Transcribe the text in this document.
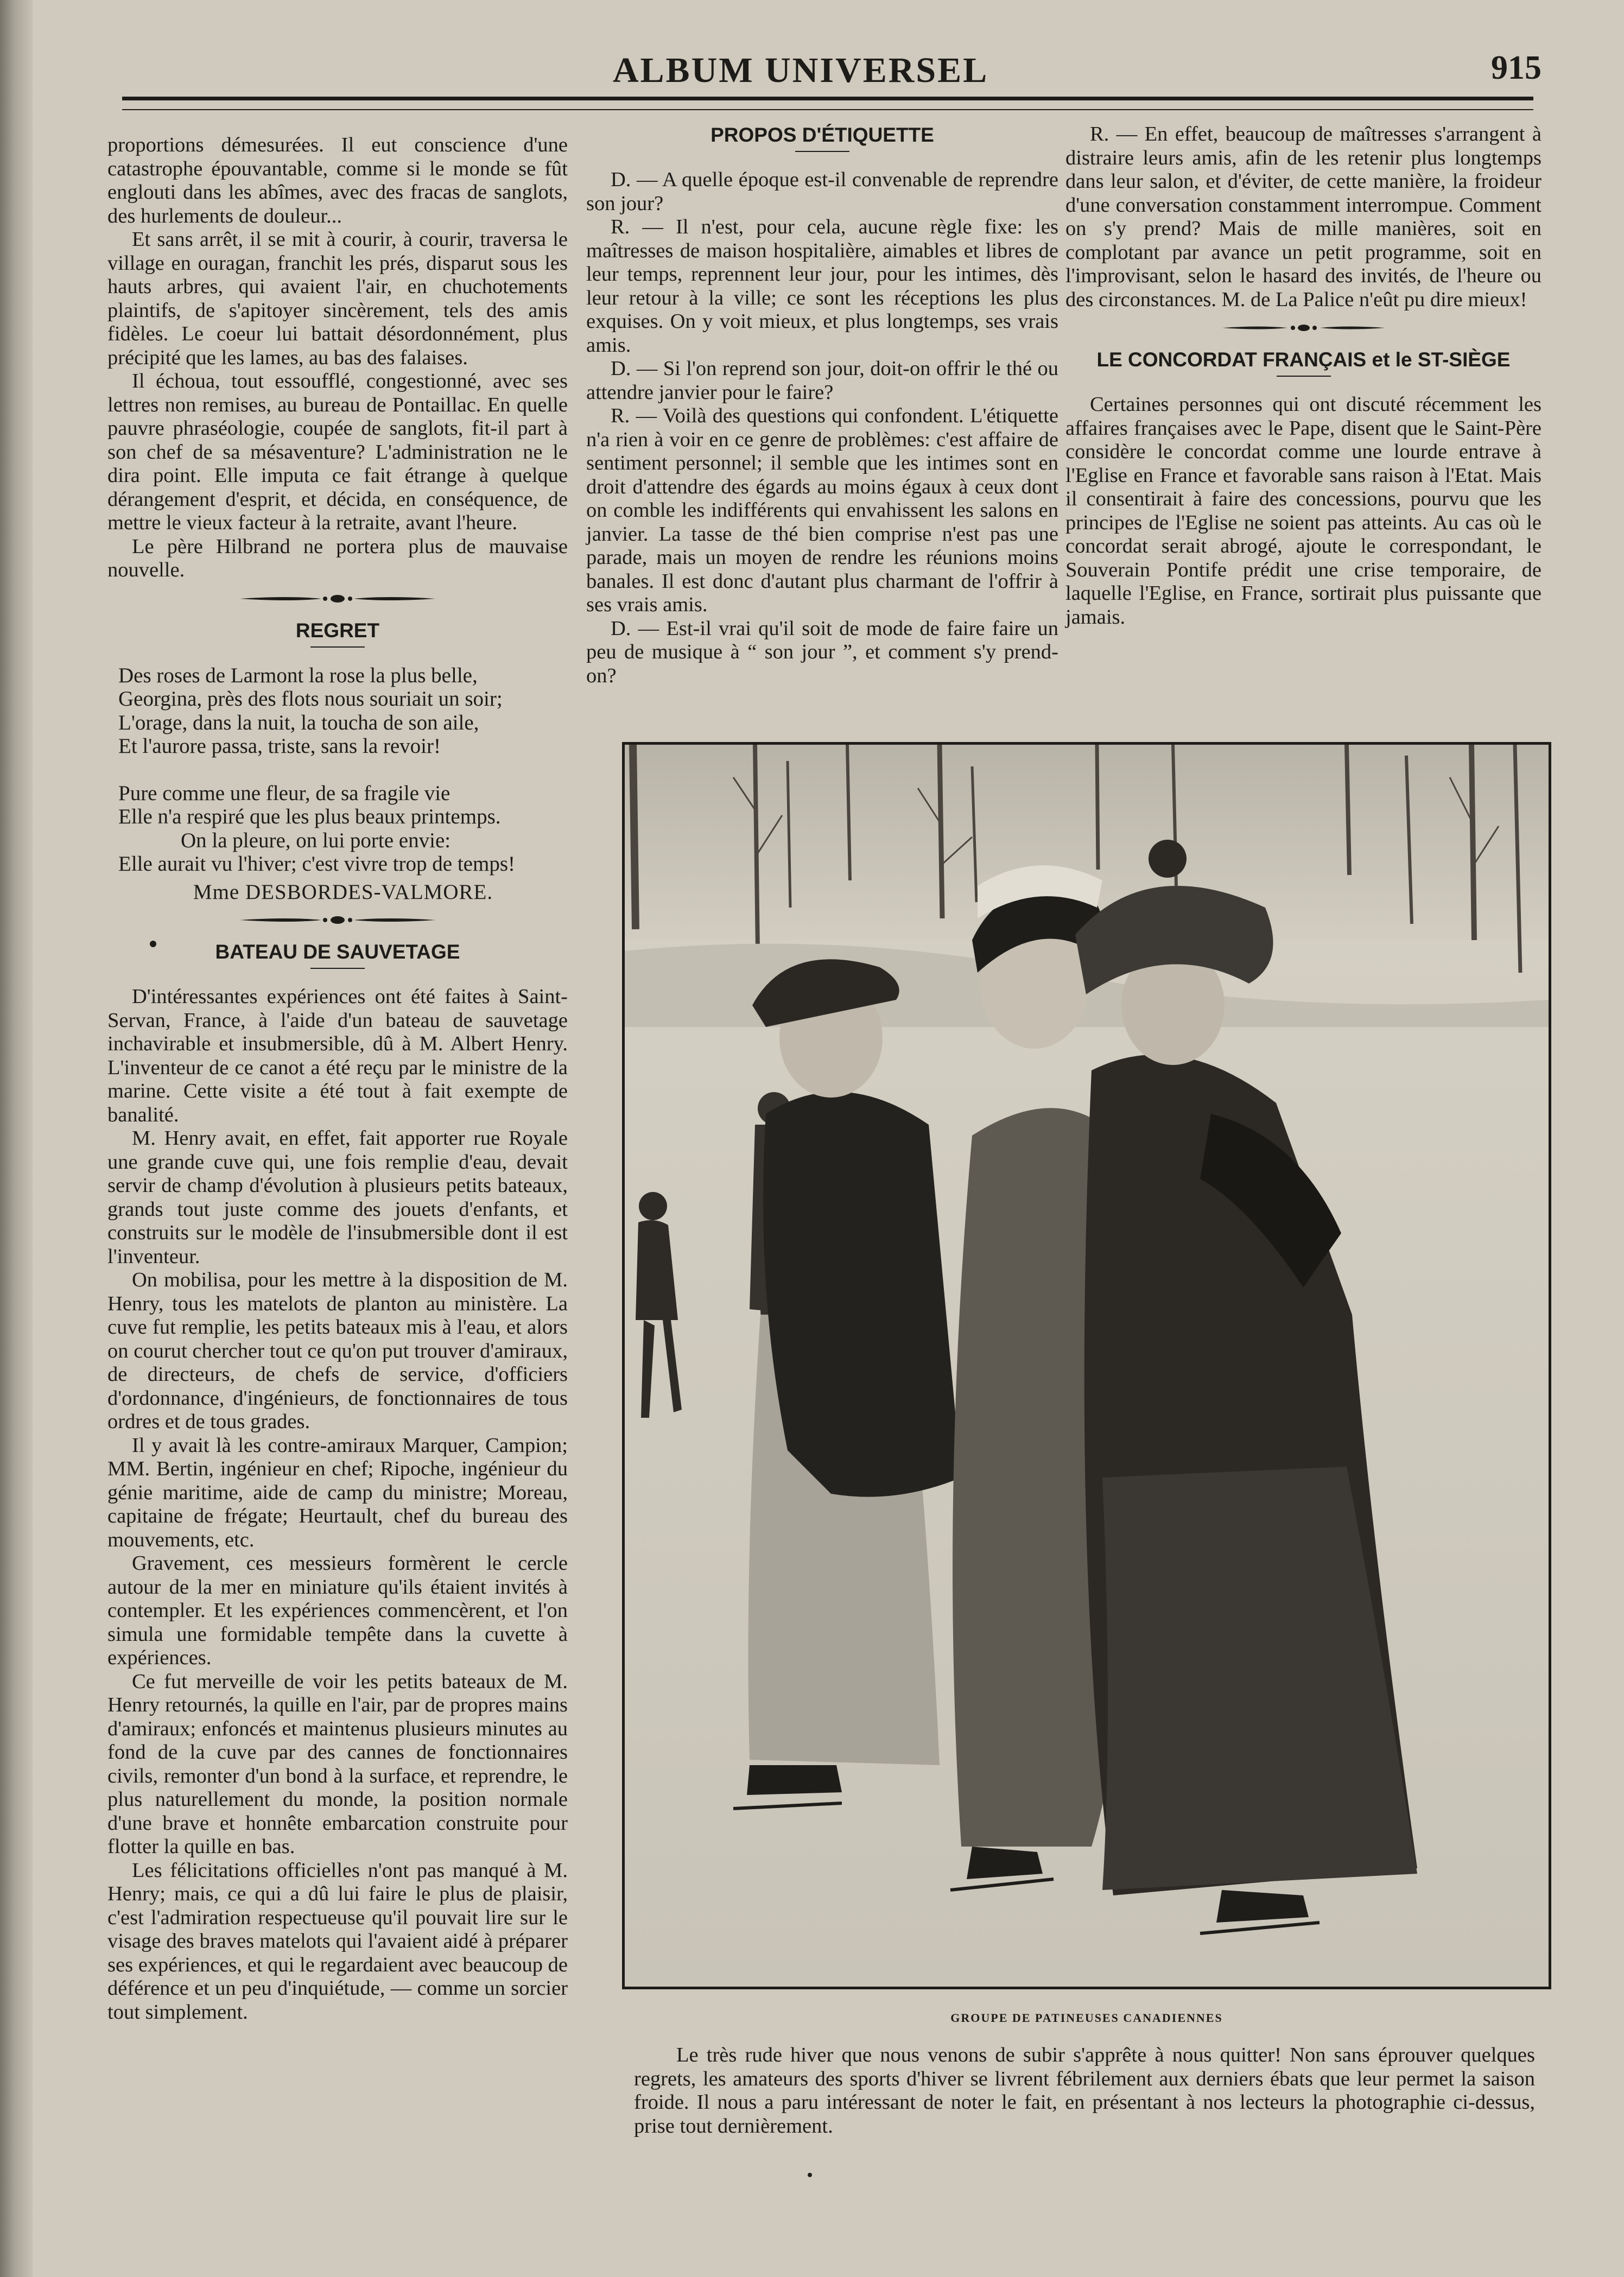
ALBUM UNIVERSEL	915

proportions démesurées. Il eut conscience d'une catastrophe épouvantable, comme si le monde se fût englouti dans les abîmes, avec des fracas de sanglots, des hurlements de douleur...

Et sans arrêt, il se mit à courir, à courir, traversa le village en ouragan, franchit les prés, disparut sous les hauts arbres, qui avaient l'air, en chuchotements plaintifs, de s'apitoyer sincèrement, tels des amis fidèles. Le coeur lui battait désordonnément, plus précipité que les lames, au bas des falaises.

Il échoua, tout essoufflé, congestionné, avec ses lettres non remises, au bureau de Pontaillac. En quelle pauvre phraséologie, coupée de sanglots, fit-il part à son chef de sa mésaventure? L'administration ne le dira point. Elle imputa ce fait étrange à quelque dérangement d'esprit, et décida, en conséquence, de mettre le vieux facteur à la retraite, avant l'heure.

Le père Hilbrand ne portera plus de mauvaise nouvelle.

REGRET
Des roses de Larmont la rose la plus belle,
Georgina, près des flots nous souriait un soir;
L'orage, dans la nuit, la toucha de son aile,
Et l'aurore passa, triste, sans la revoir!
Pure comme une fleur, de sa fragile vie
Elle n'a respiré que les plus beaux printemps.
On la pleure, on lui porte envie:
Elle aurait vu l'hiver; c'est vivre trop de temps!
Mme DESBORDES-VALMORE.
BATEAU DE SAUVETAGE

D'intéressantes expériences ont été faites à Saint-Servan, France, à l'aide d'un bateau de sauvetage inchavirable et insubmersible, dû à M. Albert Henry. L'inventeur de ce canot a été reçu par le ministre de la marine. Cette visite a été tout à fait exempte de banalité.

M. Henry avait, en effet, fait apporter rue Royale une grande cuve qui, une fois remplie d'eau, devait servir de champ d'évolution à plusieurs petits bateaux, grands tout juste comme des jouets d'enfants, et construits sur le modèle de l'insubmersible dont il est l'inventeur.

On mobilisa, pour les mettre à la disposition de M. Henry, tous les matelots de planton au ministère. La cuve fut remplie, les petits bateaux mis à l'eau, et alors on courut chercher tout ce qu'on put trouver d'amiraux, de directeurs, de chefs de service, d'officiers d'ordonnance, d'ingénieurs, de fonctionnaires de tous ordres et de tous grades.

Il y avait là les contre-amiraux Marquer, Campion; MM. Bertin, ingénieur en chef; Ripoche, ingénieur du génie maritime, aide de camp du ministre; Moreau, capitaine de frégate; Heurtault, chef du bureau des mouvements, etc.

Gravement, ces messieurs formèrent le cercle autour de la mer en miniature qu'ils étaient invités à contempler. Et les expériences commencèrent, et l'on simula une formidable tempête dans la cuvette à expériences.

Ce fut merveille de voir les petits bateaux de M. Henry retournés, la quille en l'air, par de propres mains d'amiraux; enfoncés et maintenus plusieurs minutes au fond de la cuve par des cannes de fonctionnaires civils, remonter d'un bond à la surface, et reprendre, le plus naturellement du monde, la position normale d'une brave et honnête embarcation construite pour flotter la quille en bas.

Les félicitations officielles n'ont pas manqué à M. Henry; mais, ce qui a dû lui faire le plus de plaisir, c'est l'admiration respectueuse qu'il pouvait lire sur le visage des braves matelots qui l'avaient aidé à préparer ses expériences, et qui le regardaient avec beaucoup de déférence et un peu d'inquiétude, — comme un sorcier tout simplement.

PROPOS D'ÉTIQUETTE

D. — A quelle époque est-il convenable de reprendre son jour?

R. — Il n'est, pour cela, aucune règle fixe: les maîtresses de maison hospitalière, aimables et libres de leur temps, reprennent leur jour, pour les intimes, dès leur retour à la ville; ce sont les réceptions les plus exquises. On y voit mieux, et plus longtemps, ses vrais amis.

D. — Si l'on reprend son jour, doit-on offrir le thé ou attendre janvier pour le faire?

R. — Voilà des questions qui confondent. L'étiquette n'a rien à voir en ce genre de problèmes: c'est affaire de sentiment personnel; il semble que les intimes sont en droit d'attendre des égards au moins égaux à ceux dont on comble les indifférents qui envahissent les salons en janvier. La tasse de thé bien comprise n'est pas une parade, mais un moyen de rendre les réunions moins banales. Il est donc d'autant plus charmant de l'offrir à ses vrais amis.

D. — Est-il vrai qu'il soit de mode de faire faire un peu de musique à “ son jour ”, et comment s'y prend-on?

R. — En effet, beaucoup de maîtresses s'arrangent à distraire leurs amis, afin de les retenir plus longtemps dans leur salon, et d'éviter, de cette manière, la froideur d'une conversation constamment interrompue. Comment on s'y prend? Mais de mille manières, soit en complotant par avance un petit programme, soit en l'improvisant, selon le hasard des invités, de l'heure ou des circonstances. M. de La Palice n'eût pu dire mieux!

LE CONCORDAT FRANÇAIS et le ST-SIÈGE

Certaines personnes qui ont discuté récemment les affaires françaises avec le Pape, disent que le Saint-Père considère le concordat comme une lourde entrave à l'Eglise en France et favorable sans raison à l'Etat. Mais il consentirait à faire des concessions, pourvu que les principes de l'Eglise ne soient pas atteints. Au cas où le concordat serait abrogé, ajoute le correspondant, le Souverain Pontife prédit une crise temporaire, de laquelle l'Eglise, en France, sortirait plus puissante que jamais.

GROUPE DE PATINEUSES CANADIENNES

Le très rude hiver que nous venons de subir s'apprête à nous quitter! Non sans éprouver quelques regrets, les amateurs des sports d'hiver se livrent fébrilement aux derniers ébats que leur permet la saison froide. Il nous a paru intéressant de noter le fait, en présentant à nos lecteurs la photographie ci-dessus, prise tout dernièrement.
